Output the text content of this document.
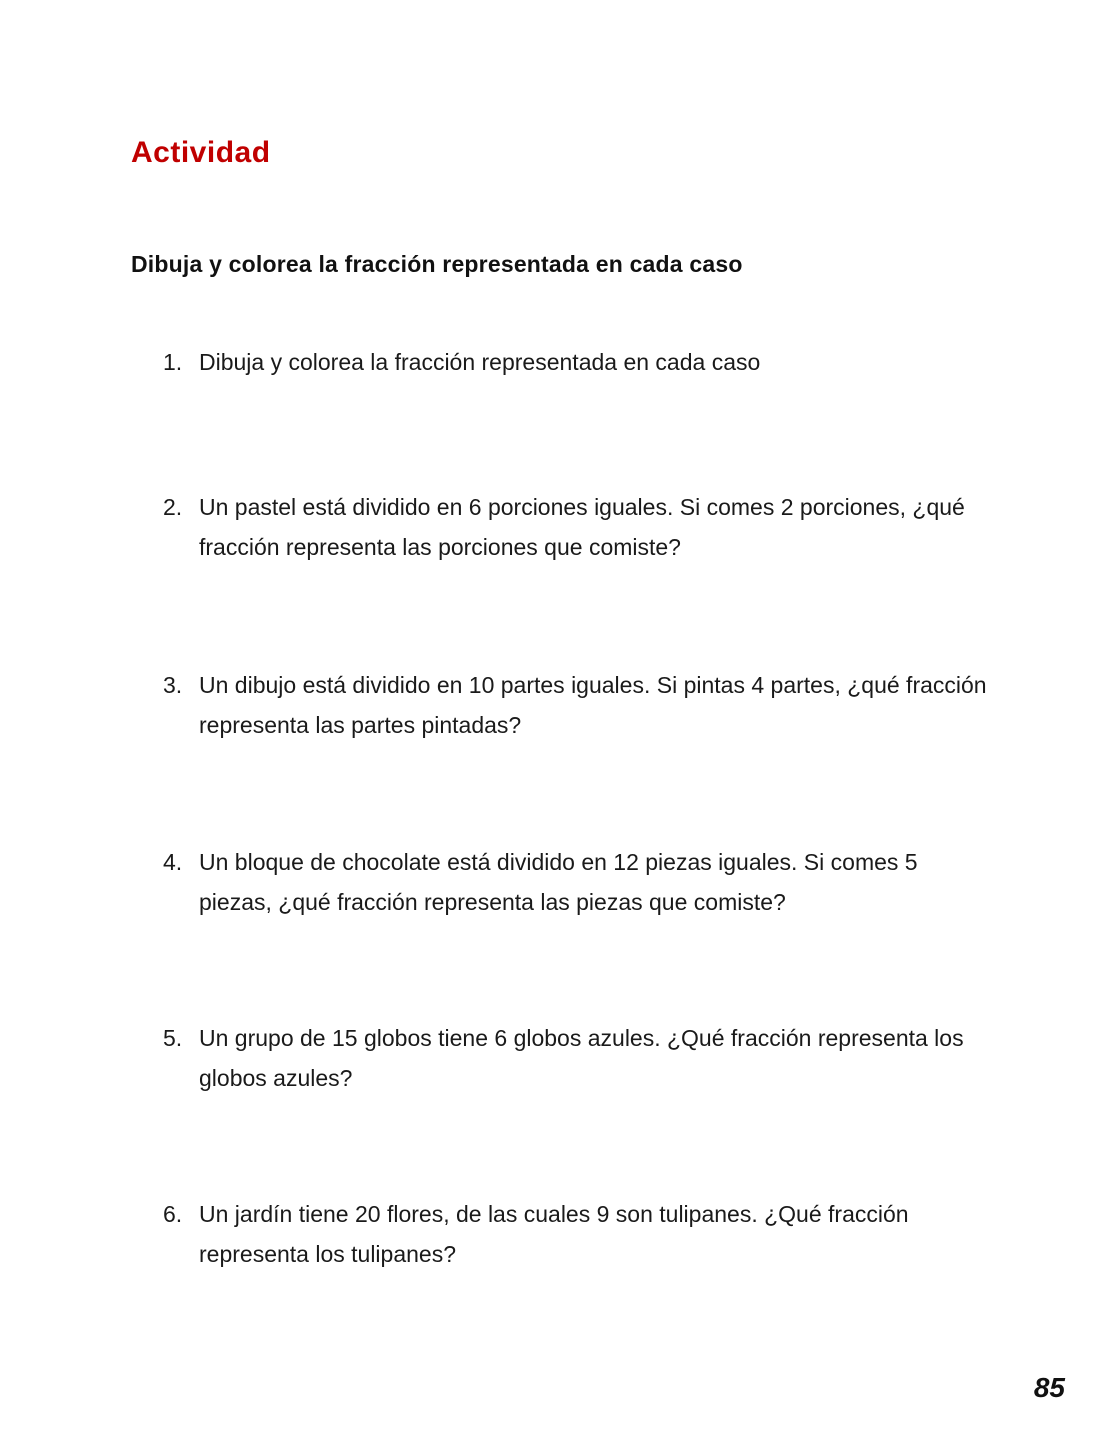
Actividad
Dibuja y colorea la fracción representada en cada caso
1. Dibuja y colorea la fracción representada en cada caso
2. Un pastel está dividido en 6 porciones iguales. Si comes 2 porciones, ¿qué fracción representa las porciones que comiste?
3. Un dibujo está dividido en 10 partes iguales. Si pintas 4 partes, ¿qué fracción representa las partes pintadas?
4. Un bloque de chocolate está dividido en 12 piezas iguales. Si comes 5 piezas, ¿qué fracción representa las piezas que comiste?
5. Un grupo de 15 globos tiene 6 globos azules. ¿Qué fracción representa los globos azules?
6. Un jardín tiene 20 flores, de las cuales 9 son tulipanes. ¿Qué fracción representa los tulipanes?
85
